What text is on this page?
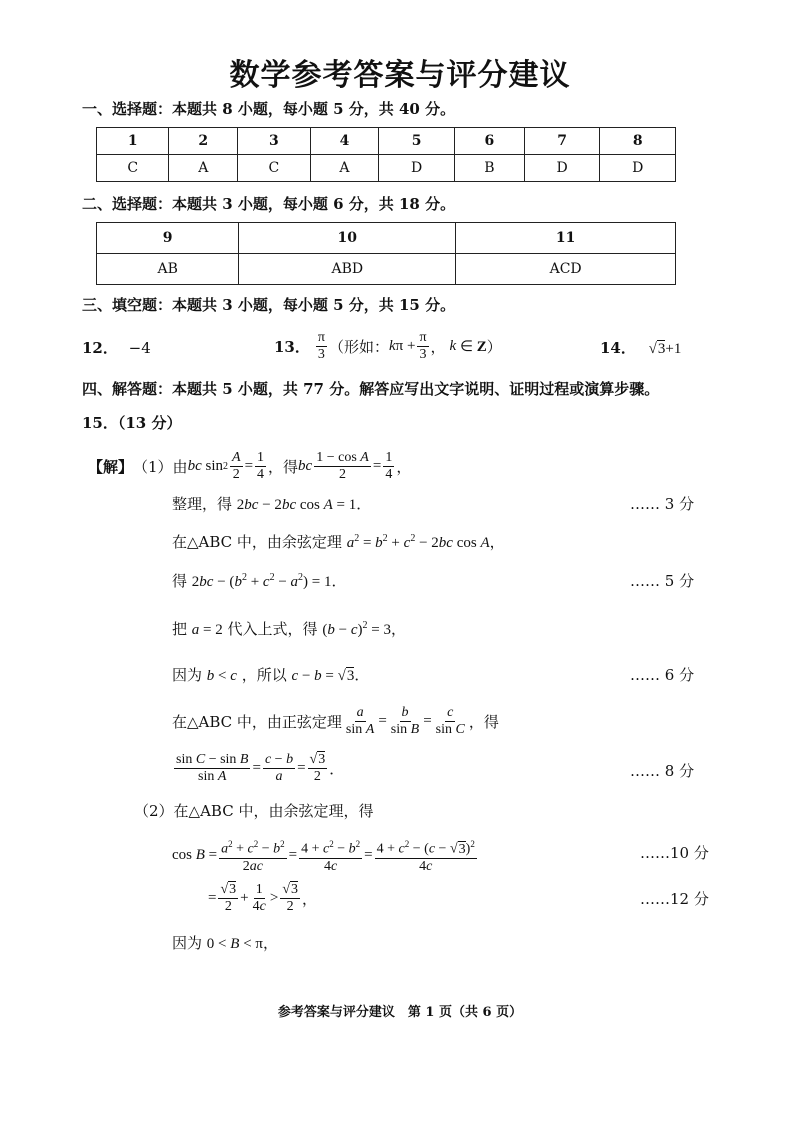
数学参考答案与评分建议
一、选择题：本题共 8 小题，每小题 5 分，共 40 分。
1	2	3	4	5	6	7	8
C	A	C	A	D	B	D	D
二、选择题：本题共 3 小题，每小题 6 分，共 18 分。
9	10	11
AB	ABD	ACD
三、填空题：本题共 3 小题，每小题 5 分，共 15 分。
12． −4	13． $\frac{\pi}{3}$ （形如： k $\pi + \frac{\pi}{3}$ ， k ∈ Z ）	14． √3+1
四、解答题：本题共 5 小题，共 77 分。解答应写出文字说明、证明过程或演算步骤。
15．（13 分）
【解】 （1）由 bc $\sin 2 \frac{A}{2} = \frac{1}{4}$ ，得 bc $\frac{\text{1 − cos A}}{2} = \frac{1}{4}$ ，
整理，得 2bc − 2bc cos A = 1．	…… 3 分
在△ABC 中，由余弦定理 $a^2 = b^2 + c^2 - 2bc$ cos A，
得 $2bc - (b^2 + c^2 - a^2) = 1$．	…… 5 分
把 a = 2 代入上式，得 $(b - c)^2 = 3$，
因为 b < c ，所以 c − b = √3．	…… 6 分
在△ABC 中，由正弦定理 $\frac{a}{\text{sin A}} = \frac{b}{\text{sin B}} = \frac{c}{\text{sin C}}$ ，得
$\frac{\text{sin C − sin B}}{\text{sin A}} = \frac{c - b}{a} = \frac{√3}{2}$ ．	…… 8 分
（2）在△ABC 中，由余弦定理，得
$\cos B = \frac{a^2 + c^2 - b^2}{2ac} = \frac{4 + c^2 - b^2}{4c} = \frac{4 + c^2 - (c - √3)^2}{4c}$	……10 分
= $\frac{√3}{2} + \frac{1}{4c} > \frac{√3}{2}$ ，	……12 分
因为 0 < B < π，
参考答案与评分建议　第 1 页（共 6 页）
